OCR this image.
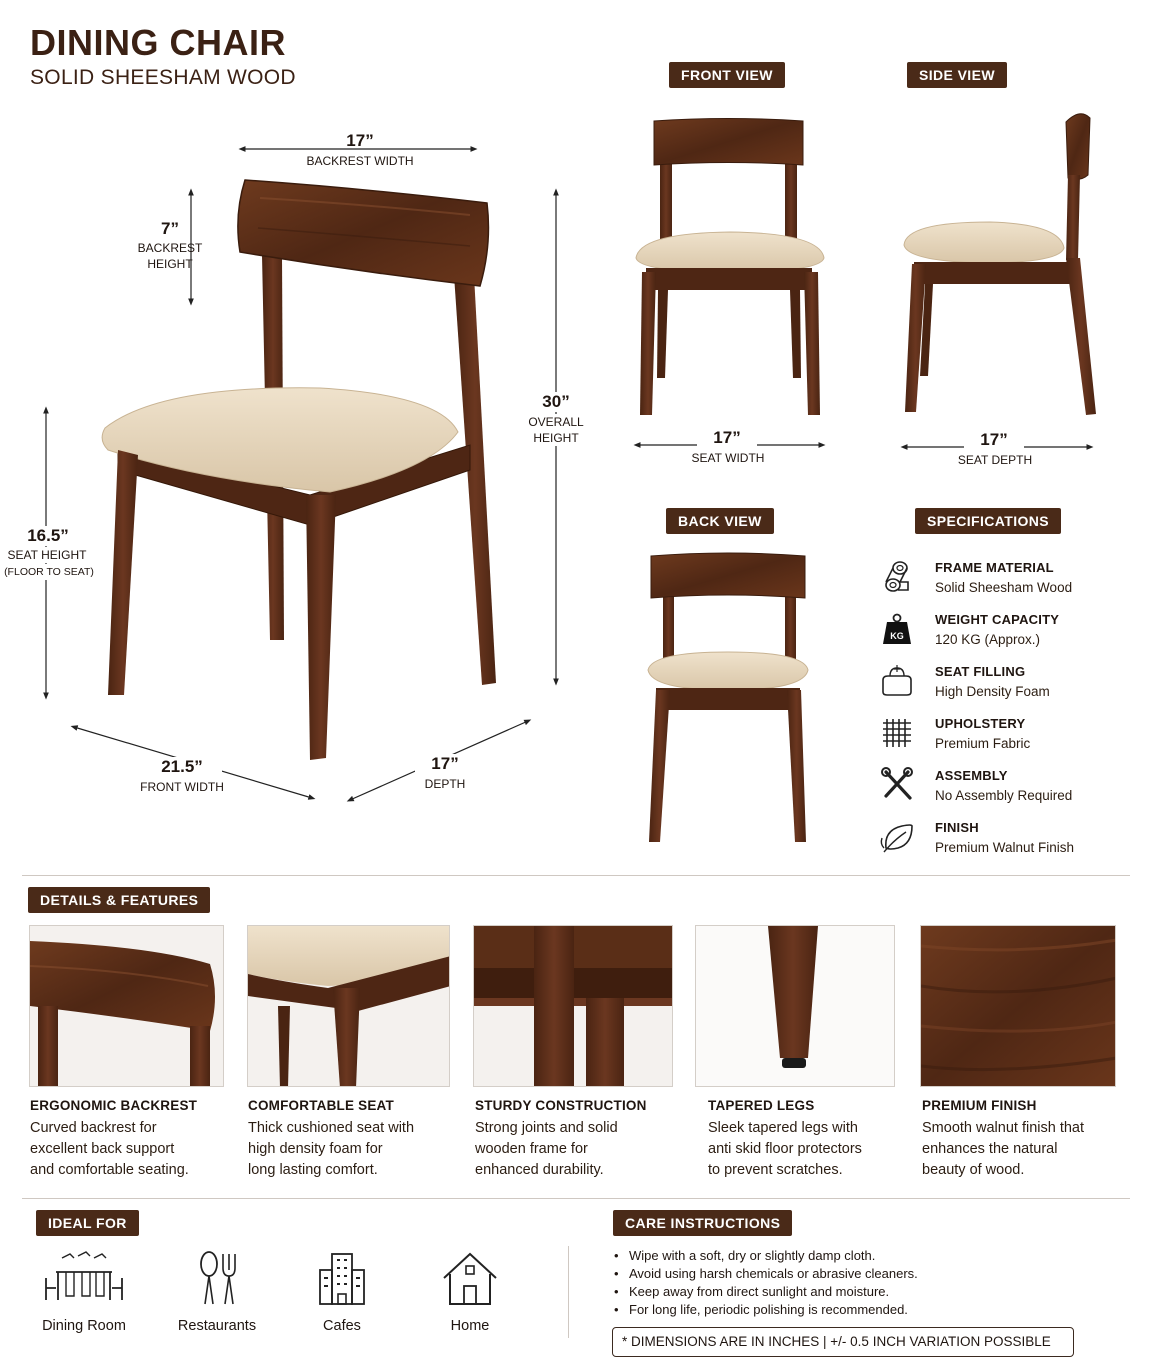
DINING CHAIR
SOLID SHEESHAM WOOD
17”
BACKREST WIDTH
7”
BACKREST
HEIGHT
30”
OVERALL
HEIGHT
16.5”
SEAT HEIGHT
(FLOOR TO SEAT)
21.5”
FRONT WIDTH
17”
DEPTH
17”
SEAT WIDTH
17”
SEAT DEPTH
FRONT VIEW	SIDE VIEW
BACK VIEW	SPECIFICATIONS
FRAME MATERIAL
Solid Sheesham Wood
KG
WEIGHT CAPACITY
120 KG (Approx.)
SEAT FILLING
High Density Foam
UPHOLSTERY
Premium Fabric
ASSEMBLY
No Assembly Required
FINISH
Premium Walnut Finish
DETAILS & FEATURES
ERGONOMIC BACKREST
Curved backrest for
excellent back support
and comfortable seating.
COMFORTABLE SEAT
Thick cushioned seat with
high density foam for
long lasting comfort.
STURDY CONSTRUCTION
Strong joints and solid
wooden frame for
enhanced durability.
TAPERED LEGS
Sleek tapered legs with
anti skid floor protectors
to prevent scratches.
PREMIUM FINISH
Smooth walnut finish that
enhances the natural
beauty of wood.
IDEAL FOR
Dining Room	Restaurants	Cafes	Home
CARE INSTRUCTIONS
• Wipe with a soft, dry or slightly damp cloth.
• Avoid using harsh chemicals or abrasive cleaners.
• Keep away from direct sunlight and moisture.
• For long life, periodic polishing is recommended.
* DIMENSIONS ARE IN INCHES | +/- 0.5 INCH VARIATION POSSIBLE
